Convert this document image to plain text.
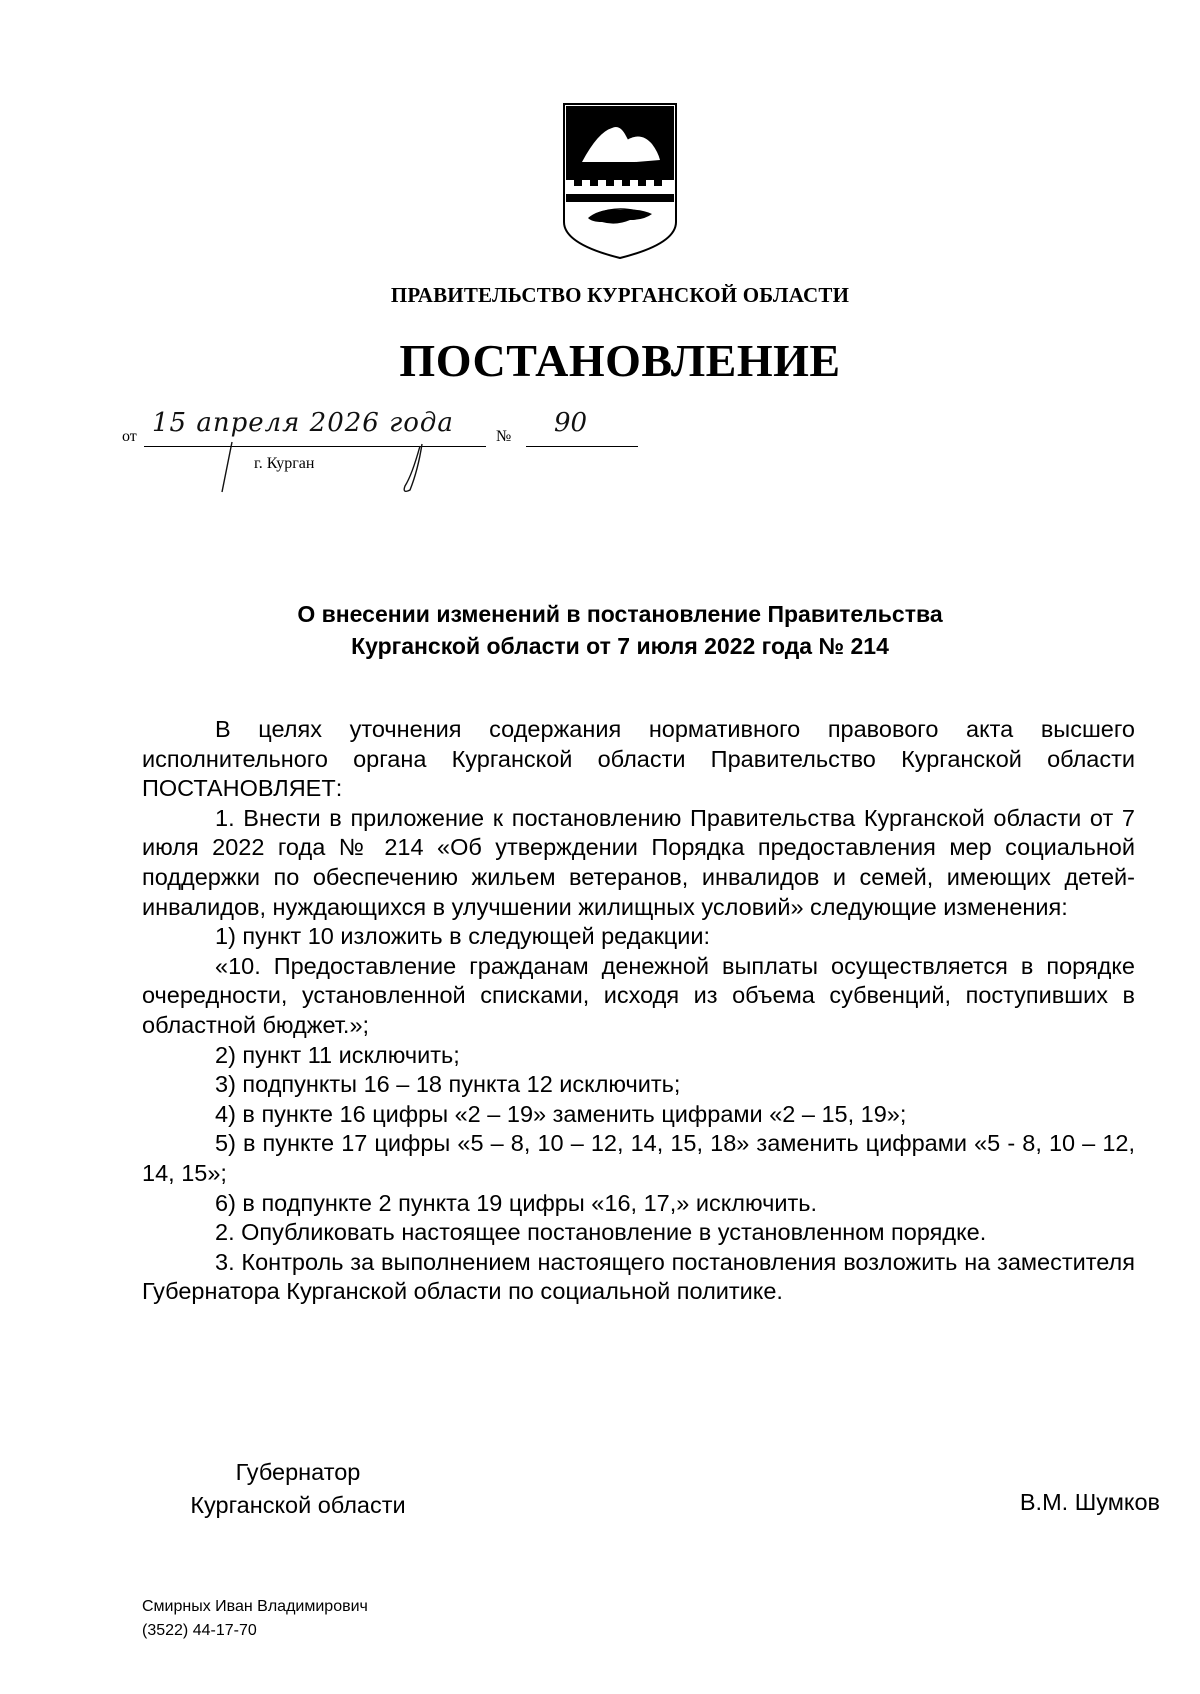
ПРАВИТЕЛЬСТВО КУРГАНСКОЙ ОБЛАСТИ
ПОСТАНОВЛЕНИЕ
от 15 апреля 2026 года	№ 90
г. Курган
О внесении изменений в постановление Правительства
Курганской области от 7 июля 2022 года № 214

В целях уточнения содержания нормативного правового акта высшего исполнительного органа Курганской области Правительство Курганской области ПОСТАНОВЛЯЕТ:

1. Внести в приложение к постановлению Правительства Курганской области от 7 июля 2022 года № 214 «Об утверждении Порядка предоставления мер социальной поддержки по обеспечению жильем ветеранов, инвалидов и семей, имеющих детей-инвалидов, нуждающихся в улучшении жилищных условий» следующие изменения:

1) пункт 10 изложить в следующей редакции:

«10. Предоставление гражданам денежной выплаты осуществляется в порядке очередности, установленной списками, исходя из объема субвенций, поступивших в областной бюджет.»;

2) пункт 11 исключить;

3) подпункты 16 – 18 пункта 12 исключить;

4) в пункте 16 цифры «2 – 19» заменить цифрами «2 – 15, 19»;

5) в пункте 17 цифры «5 – 8, 10 – 12, 14, 15, 18» заменить цифрами «5 - 8, 10 – 12, 14, 15»;

6) в подпункте 2 пункта 19 цифры «16, 17,» исключить.

2. Опубликовать настоящее постановление в установленном порядке.

3. Контроль за выполнением настоящего постановления возложить на заместителя Губернатора Курганской области по социальной политике.

Губернатор
Курганской области	В.М. Шумков
Смирных Иван Владимирович
(3522) 44-17-70
